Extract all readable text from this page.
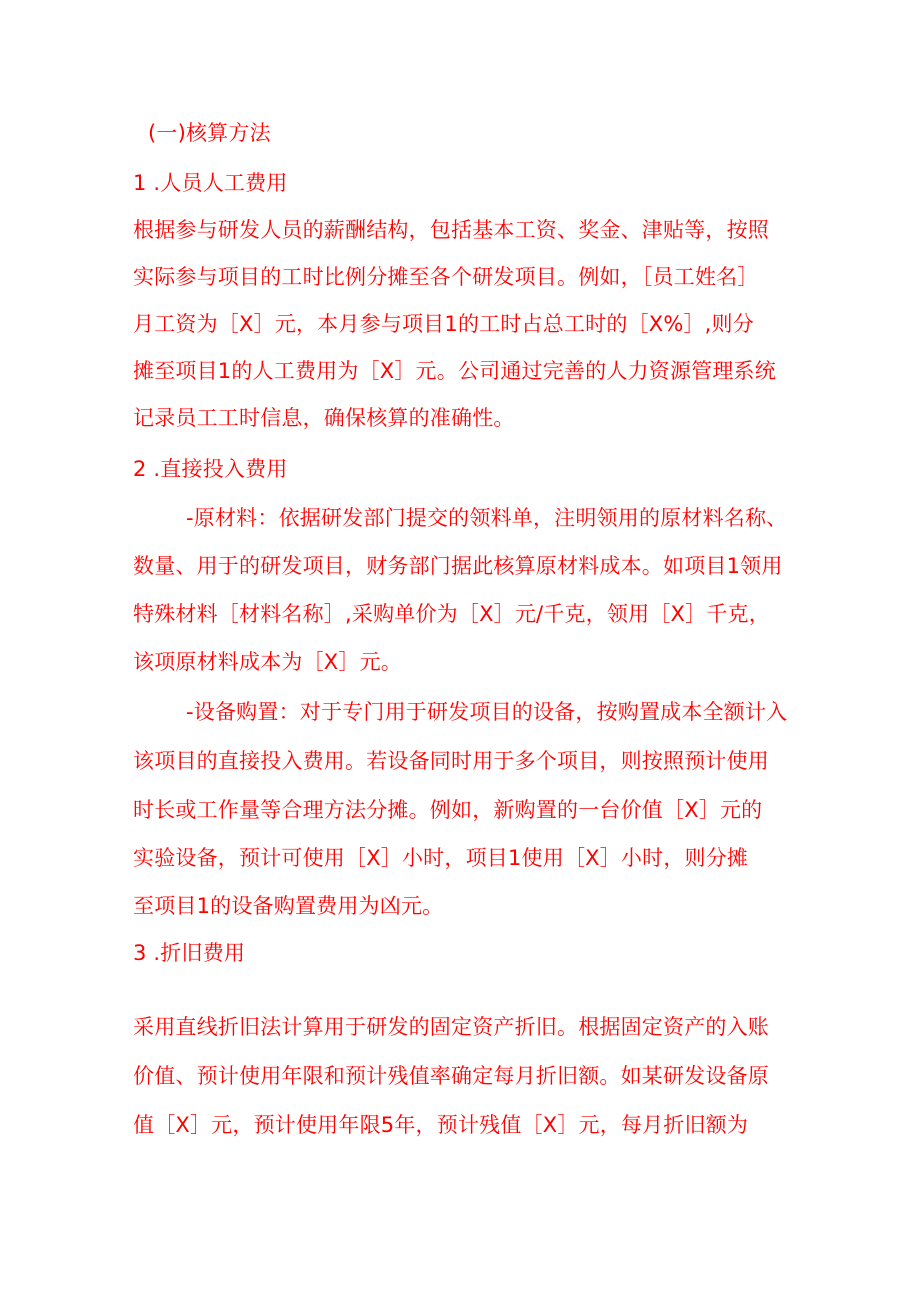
(一)核算方法
1 .人员人工费用
根据参与研发人员的薪酬结构，包括基本工资、奖金、津贴等，按照
实际参与项目的工时比例分摊至各个研发项目。例如，［员工姓名］
月工资为［X］元，本月参与项目1的工时占总工时的［X%］,则分
摊至项目1的人工费用为［X］元。公司通过完善的人力资源管理系统
记录员工工时信息，确保核算的准确性。
2 .直接投入费用
-原材料：依据研发部门提交的领料单，注明领用的原材料名称、
数量、用于的研发项目，财务部门据此核算原材料成本。如项目1领用
特殊材料［材料名称］,采购单价为［X］元/千克，领用［X］千克，
该项原材料成本为［X］元。
-设备购置：对于专门用于研发项目的设备，按购置成本全额计入
该项目的直接投入费用。若设备同时用于多个项目，则按照预计使用
时长或工作量等合理方法分摊。例如，新购置的一台价值［X］元的
实验设备，预计可使用［X］小时，项目1使用［X］小时，则分摊
至项目1的设备购置费用为凶元。
3 .折旧费用
采用直线折旧法计算用于研发的固定资产折旧。根据固定资产的入账
价值、预计使用年限和预计残值率确定每月折旧额。如某研发设备原
值［X］元，预计使用年限5年，预计残值［X］元，每月折旧额为
